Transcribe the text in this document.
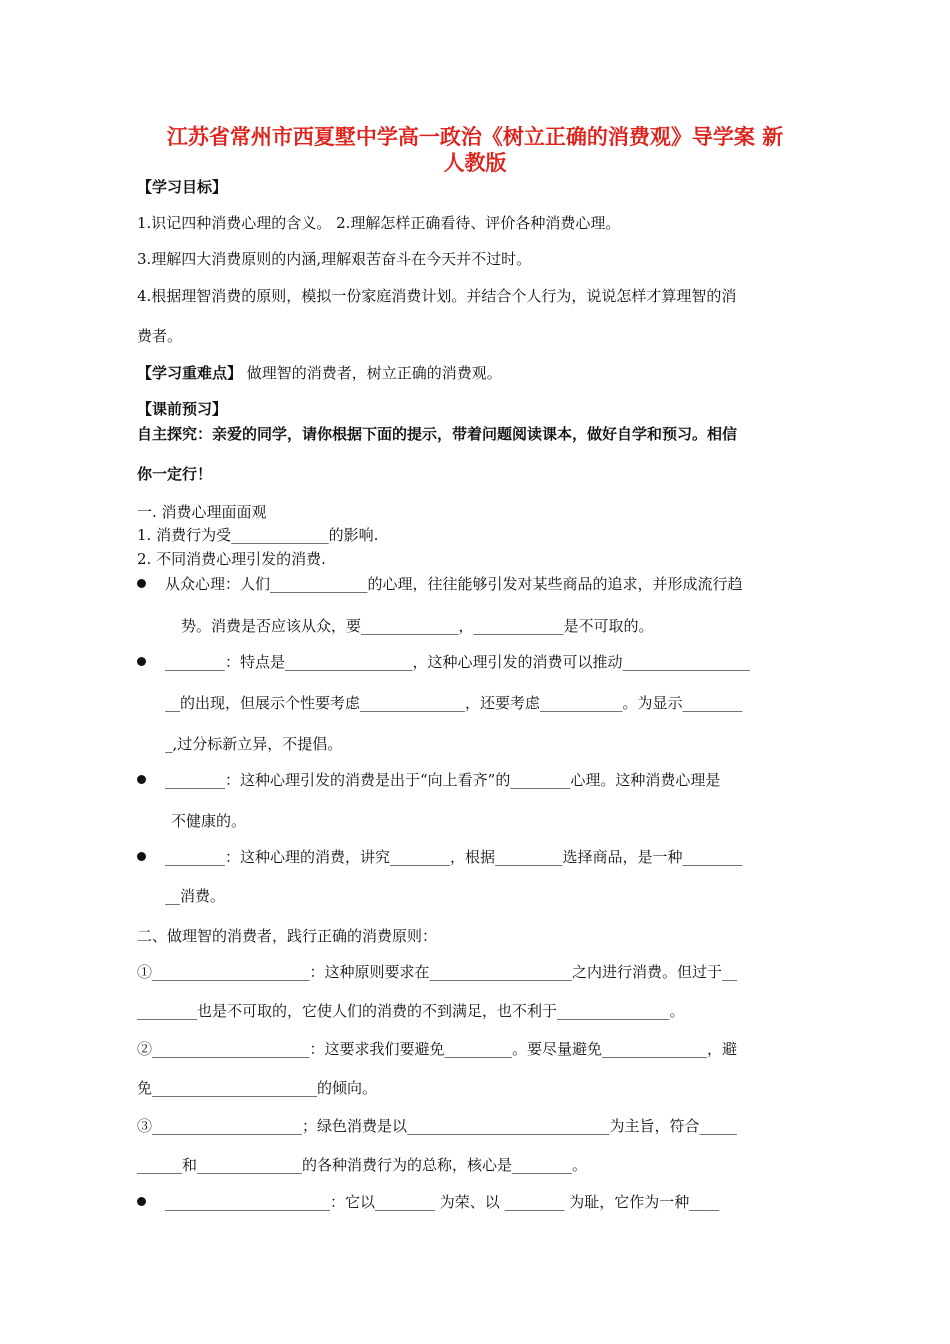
江苏省常州市西夏墅中学高一政治《树立正确的消费观》导学案 新
人教版
【学习目标】
1.识记四种消费心理的含义。 2.理解怎样正确看待、评价各种消费心理。
3.理解四大消费原则的内涵,理解艰苦奋斗在今天并不过时。
4.根据理智消费的原则，模拟一份家庭消费计划。并结合个人行为，说说怎样才算理智的消
费者。
【学习重难点】 做理智的消费者，树立正确的消费观。
【课前预习】
自主探究：亲爱的同学，请你根据下面的提示，带着问题阅读课本，做好自学和预习。相信
你一定行！
一. 消费心理面面观
1. 消费行为受_____________的影响.
2. 不同消费心理引发的消费.
从众心理：人们_____________的心理，往往能够引发对某些商品的追求，并形成流行趋
势。消费是否应该从众，要_____________，____________是不可取的。
________：特点是_________________，这种心理引发的消费可以推动_________________
__的出现，但展示个性要考虑______________，还要考虑___________。为显示________
_,过分标新立异，不提倡。
________：这种心理引发的消费是出于“向上看齐”的________心理。这种消费心理是
不健康的。
________：这种心理的消费，讲究________，根据_________选择商品，是一种________
__消费。
二、做理智的消费者，践行正确的消费原则：
①_____________________：这种原则要求在___________________之内进行消费。但过于__
________也是不可取的，它使人们的消费的不到满足，也不利于_______________。
②_____________________：这要求我们要避免_________。要尽量避免______________，避
免______________________的倾向。
③____________________；绿色消费是以___________________________为主旨，符合_____
______和______________的各种消费行为的总称，核心是________。
______________________：它以________ 为荣、以 ________ 为耻，它作为一种____
